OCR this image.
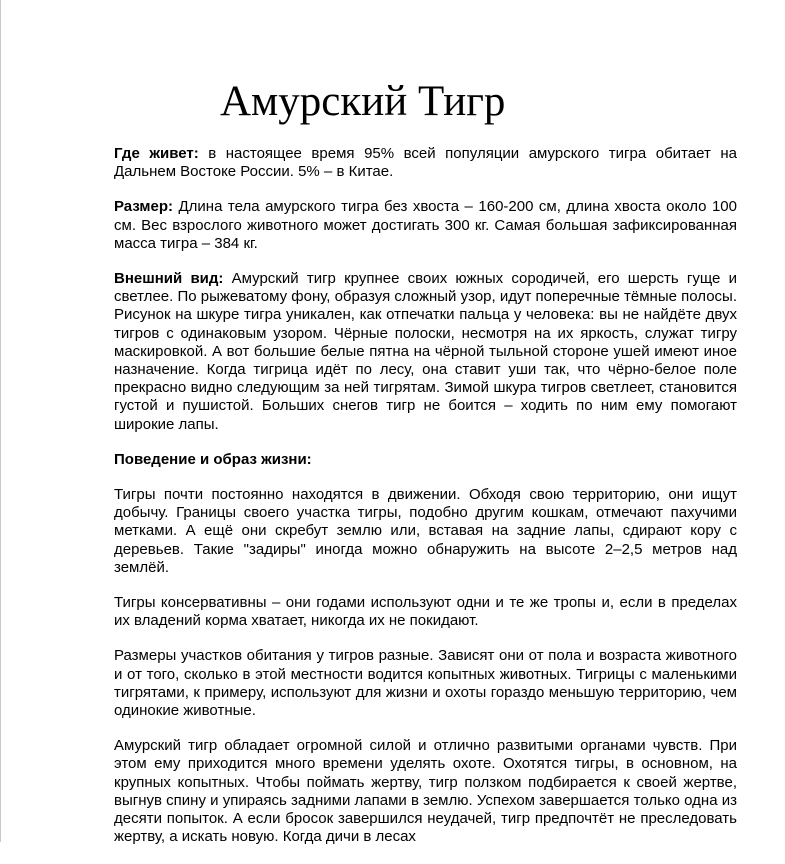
Амурский Тигр

Где живет: в настоящее время 95% всей популяции амурского тигра обитает на Дальнем Востоке России. 5% – в Китае.

Размер: Длина тела амурского тигра без хвоста – 160-200 см, длина хвоста около 100 см. Вес взрослого животного может достигать 300 кг. Самая большая зафиксированная масса тигра – 384 кг.

Внешний вид: Амурский тигр крупнее своих южных сородичей, его шерсть гуще и светлее. По рыжеватому фону, образуя сложный узор, идут поперечные тёмные полосы. Рисунок на шкуре тигра уникален, как отпечатки пальца у человека: вы не найдёте двух тигров с одинаковым узором. Чёрные полоски, несмотря на их яркость, служат тигру маскировкой. А вот большие белые пятна на чёрной тыльной стороне ушей имеют иное назначение. Когда тигрица идёт по лесу, она ставит уши так, что чёрно-белое поле прекрасно видно следующим за ней тигрятам. Зимой шкура тигров светлеет, становится густой и пушистой. Больших снегов тигр не боится – ходить по ним ему помогают широкие лапы.

Поведение и образ жизни:

Тигры почти постоянно находятся в движении. Обходя свою территорию, они ищут добычу. Границы своего участка тигры, подобно другим кошкам, отмечают пахучими метками. А ещё они скребут землю или, вставая на задние лапы, сдирают кору с деревьев. Такие "задиры" иногда можно обнаружить на высоте 2–2,5 метров над землёй.

Тигры консервативны – они годами используют одни и те же тропы и, если в пределах их владений корма хватает, никогда их не покидают.

Размеры участков обитания у тигров разные. Зависят они от пола и возраста животного и от того, сколько в этой местности водится копытных животных. Тигрицы с маленькими тигрятами, к примеру, используют для жизни и охоты гораздо меньшую территорию, чем одинокие животные.

Амурский тигр обладает огромной силой и отлично развитыми органами чувств. При этом ему приходится много времени уделять охоте. Охотятся тигры, в основном, на крупных копытных. Чтобы поймать жертву, тигр ползком подбирается к своей жертве, выгнув спину и упираясь задними лапами в землю. Успехом завершается только одна из десяти попыток. А если бросок завершился неудачей, тигр предпочтёт не преследовать жертву, а искать новую. Когда дичи в лесах
